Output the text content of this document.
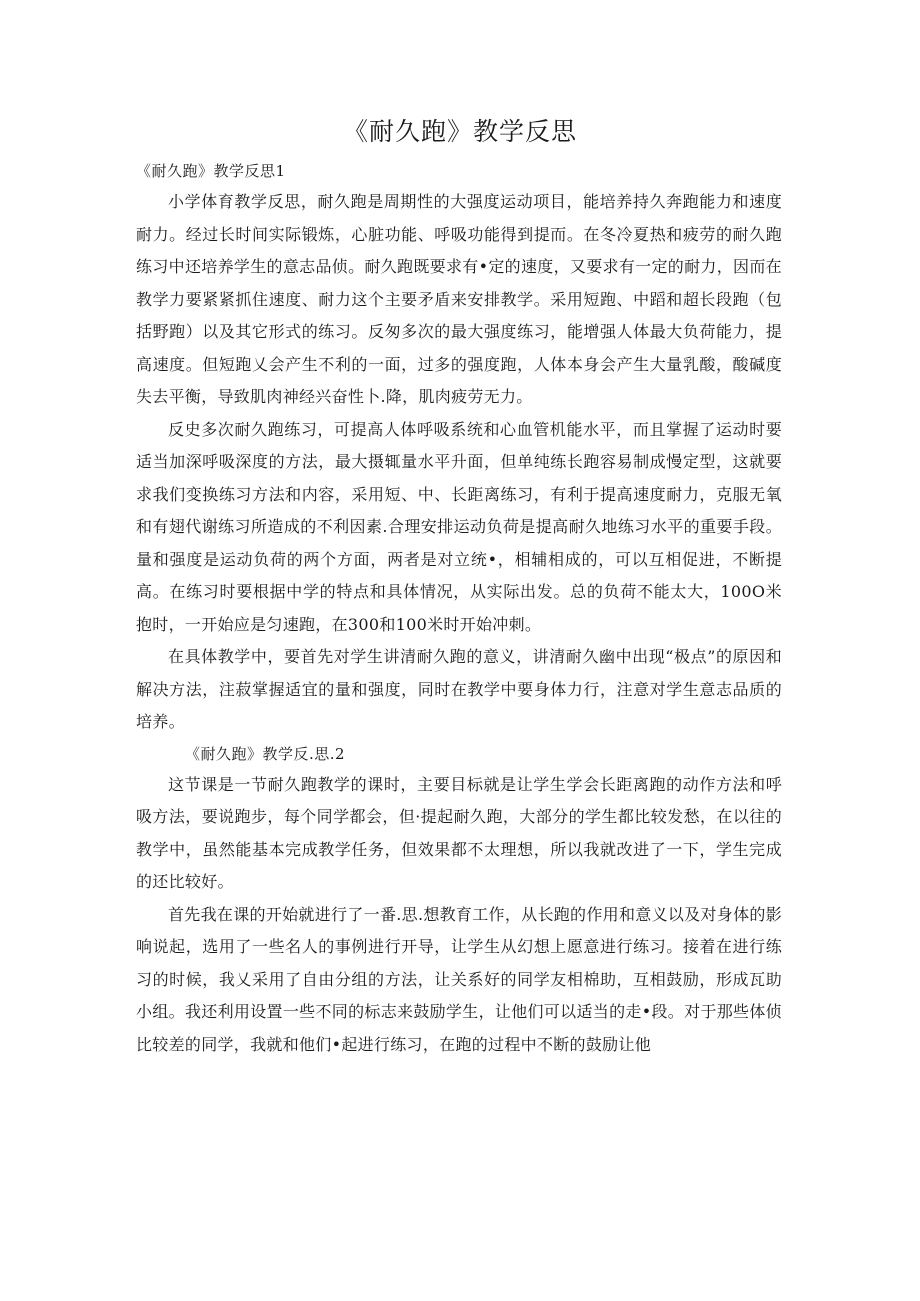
《耐久跑》教学反思

《耐久跑》教学反思1

小学体育教学反思，耐久跑是周期性的大强度运动项目，能培养持久奔跑能力和速度耐力。经过长时间实际锻炼，心脏功能、呼吸功能得到提而。在冬冷夏热和疲劳的耐久跑练习中还培养学生的意志品侦。耐久跑既要求有•定的速度，又要求有一定的耐力，因而在教学力要紧紧抓住速度、耐力这个主要矛盾来安排教学。采用短跑、中蹈和超长段跑（包括野跑）以及其它形式的练习。反匆多次的最大强度练习，能增强人体最大负荷能力，提高速度。但短跑乂会产生不利的一面，过多的强度跑，人体本身会产生大量乳酸，酸碱度失去平衡，导致肌肉神经兴奋性卜.降，肌肉疲劳无力。

反史多次耐久跑练习，可提高人体呼吸系统和心血管机能水平，而且掌握了运动时要适当加深呼吸深度的方法，最大摄辄量水平升面，但单纯练长跑容易制成慢定型，这就要求我们变换练习方法和内容，采用短、中、长距离练习，有利于提高速度耐力，克服无氧和有翅代谢练习所造成的不利因素.合理安排运动负荷是提高耐久地练习水平的重要手段。量和强度是运动负荷的两个方面，两者是对立统•，相辅相成的，可以互相促进，不断提高。在练习时要根据中学的特点和具体情况，从实际出发。总的负荷不能太大，100O米抱时，一开始应是匀速跑，在300和100米时开始冲刺。

在具体教学中，要首先对学生讲清耐久跑的意义，讲清耐久幽中出现“极点”的原因和解决方法，注菽掌握适宜的量和强度，同时在教学中要身体力行，注意对学生意志品质的培养。

《耐久跑》教学反.思.2

这节课是一节耐久跑教学的课时，主要目标就是让学生学会长距离跑的动作方法和呼吸方法，要说跑步，每个同学都会，但·提起耐久跑，大部分的学生都比较发愁，在以往的教学中，虽然能基本完成教学任务，但效果都不太理想，所以我就改进了一下，学生完成的还比较好。

首先我在课的开始就进行了一番.思.想教育工作，从长跑的作用和意义以及对身体的影响说起，选用了一些名人的事例进行开导，让学生从幻想上愿意进行练习。接着在进行练习的时候，我乂采用了自由分组的方法，让关系好的同学友相棉助，互相鼓励，形成瓦助小组。我还利用设置一些不同的标志来鼓励学生，让他们可以适当的走•段。对于那些体侦比较差的同学，我就和他们•起进行练习，在跑的过程中不断的鼓励让他
